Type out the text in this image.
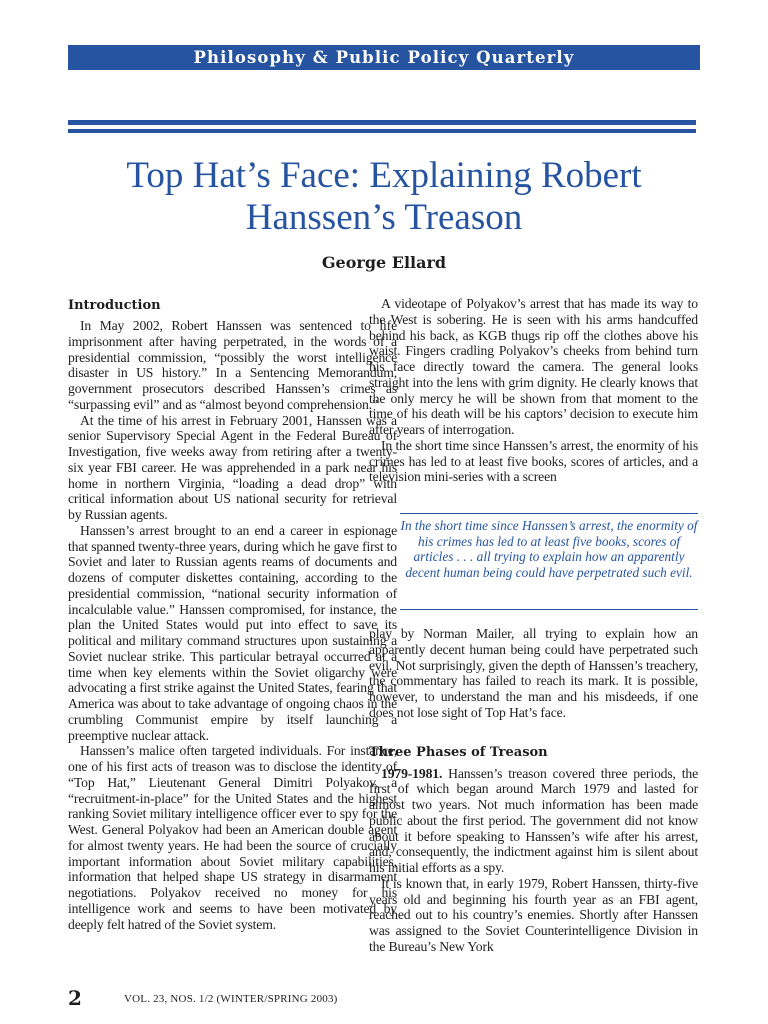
Philosophy & Public Policy Quarterly
Top Hat’s Face: Explaining Robert Hanssen’s Treason
George Ellard
Introduction

In May 2002, Robert Hanssen was sentenced to life imprisonment after having perpetrated, in the words of a presidential commission, “possibly the worst intelligence disaster in US history.” In a Sentencing Memorandum, government prosecutors described Hanssen’s crimes as “surpassing evil” and as “almost beyond comprehension.”

At the time of his arrest in February 2001, Hanssen was a senior Supervisory Special Agent in the Federal Bureau of Investigation, five weeks away from retiring after a twenty-six year FBI career. He was apprehended in a park near his home in northern Virginia, “loading a dead drop” with critical information about US national security for retrieval by Russian agents.

Hanssen’s arrest brought to an end a career in espionage that spanned twenty-three years, during which he gave first to Soviet and later to Russian agents reams of documents and dozens of computer diskettes containing, according to the presidential commission, “national security information of incalculable value.” Hanssen compromised, for instance, the plan the United States would put into effect to save its political and military command structures upon sustaining a Soviet nuclear strike. This particular betrayal occurred at a time when key elements within the Soviet oligarchy were advocating a first strike against the United States, fearing that America was about to take advantage of ongoing chaos in the crumbling Communist empire by itself launching a preemptive nuclear attack.

Hanssen’s malice often targeted individuals. For instance, one of his first acts of treason was to disclose the identity of “Top Hat,” Lieutenant General Dimitri Polyakov, a “recruitment-in-place” for the United States and the highest ranking Soviet military intelligence officer ever to spy for the West. General Polyakov had been an American double agent for almost twenty years. He had been the source of crucially important information about Soviet military capabilities, information that helped shape US strategy in disarmament negotiations. Polyakov received no money for his intelligence work and seems to have been motivated by deeply felt hatred of the Soviet system.

A videotape of Polyakov’s arrest that has made its way to the West is sobering. He is seen with his arms handcuffed behind his back, as KGB thugs rip off the clothes above his waist. Fingers cradling Polyakov’s cheeks from behind turn his face directly toward the camera. The general looks straight into the lens with grim dignity. He clearly knows that the only mercy he will be shown from that moment to the time of his death will be his captors’ decision to execute him after years of interrogation.

In the short time since Hanssen’s arrest, the enormity of his crimes has led to at least five books, scores of articles, and a television mini-series with a screen

In the short time since Hanssen’s arrest, the enormity of his crimes has led to at least five books, scores of articles . . . all trying to explain how an apparently decent human being could have perpetrated such evil.

play by Norman Mailer, all trying to explain how an apparently decent human being could have perpetrated such evil. Not surprisingly, given the depth of Hanssen’s treachery, the commentary has failed to reach its mark. It is possible, however, to understand the man and his misdeeds, if one does not lose sight of Top Hat’s face.

Three Phases of Treason

1979-1981. Hanssen’s treason covered three periods, the first of which began around March 1979 and lasted for almost two years. Not much information has been made public about the first period. The government did not know about it before speaking to Hanssen’s wife after his arrest, and, consequently, the indictment against him is silent about his initial efforts as a spy.

It is known that, in early 1979, Robert Hanssen, thirty-five years old and beginning his fourth year as an FBI agent, reached out to his country’s enemies. Shortly after Hanssen was assigned to the Soviet Counterintelligence Division in the Bureau’s New York

2	VOL. 23, NOS. 1/2 (WINTER/SPRING 2003)
